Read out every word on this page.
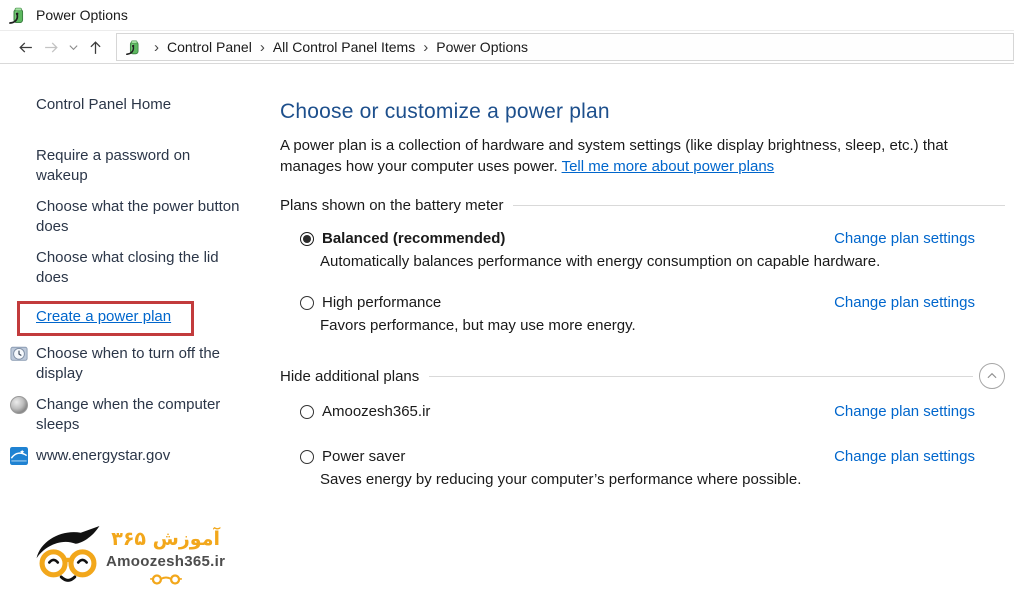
Power Options
› Control Panel › All Control Panel Items › Power Options
Control Panel Home
Require a password on wakeup
Choose what the power button does
Choose what closing the lid does
Create a power plan
Choose when to turn off the display
Change when the computer sleeps
www.energystar.gov
آموزش ۳۶۵
Amoozesh365.ir
Choose or customize a power plan

A power plan is a collection of hardware and system settings (like display brightness, sleep, etc.) that manages how your computer uses power. Tell me more about power plans

Plans shown on the battery meter
Balanced (recommended)	Change plan settings
Automatically balances performance with energy consumption on capable hardware.
High performance	Change plan settings
Favors performance, but may use more energy.
Hide additional plans
Amoozesh365.ir	Change plan settings
Power saver	Change plan settings
Saves energy by reducing your computer’s performance where possible.
